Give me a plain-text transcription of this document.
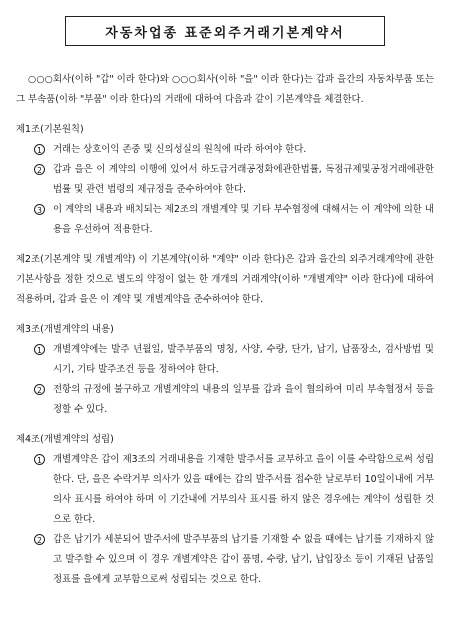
자동차업종 표준외주거래기본계약서
○○○회사(이하 "갑" 이라 한다)와 ○○○회사(이하 "을" 이라 한다)는 갑과 을간의 자동차부품 또는 그 부속품(이하 "부품" 이라 한다)의 거래에 대하여 다음과 같이 기본계약을 체결한다.
제1조(기본원칙)
1	거래는 상호이익 존중 및 신의성실의 원칙에 따라 하여야 한다.
2	갑과 을은 이 계약의 이행에 있어서 하도급거래공정화에관한법률, 독점규제및공정거래에관한법률 및 관련 법령의 제규정을 준수하여야 한다.
3	이 계약의 내용과 배치되는 제2조의 개별계약 및 기타 부수협정에 대해서는 이 계약에 의한 내용을 우선하여 적용한다.
제2조(기본계약 및 개별계약) 이 기본계약(이하 "계약" 이라 한다)은 갑과 을간의 외주거래계약에 관한 기본사항을 정한 것으로 별도의 약정이 없는 한 개개의 거래계약(이하 "개별계약" 이라 한다)에 대하여 적용하며, 갑과 을은 이 계약 및 개별계약을 준수하여야 한다.
제3조(개별계약의 내용)
1	개별계약에는 발주 년월일, 발주부품의 명칭, 사양, 수량, 단가, 납기, 납품장소, 검사방법 및 시기, 기타 발주조건 등을 정하여야 한다.
2	전항의 규정에 불구하고 개별계약의 내용의 일부를 갑과 을이 협의하여 미리 부속협정서 등을 정할 수 있다.
제4조(개별계약의 성립)
1	개별계약은 갑이 제3조의 거래내용을 기재한 발주서를 교부하고 을이 이를 수락함으로써 성립한다. 단, 을은 수락거부 의사가 있을 때에는 갑의 발주서를 접수한 날로부터 10일이내에 거부의사 표시를 하여야 하며 이 기간내에 거부의사 표시를 하지 않은 경우에는 계약이 성립한 것으로 한다.
2	갑은 납기가 세분되어 발주서에 발주부품의 납기를 기재할 수 없을 때에는 납기를 기재하지 않고 발주할 수 있으며 이 경우 개별계약은 갑이 품명, 수량, 납기, 납입장소 등이 기재된 납품일정표를 을에게 교부함으로써 성립되는 것으로 한다.
